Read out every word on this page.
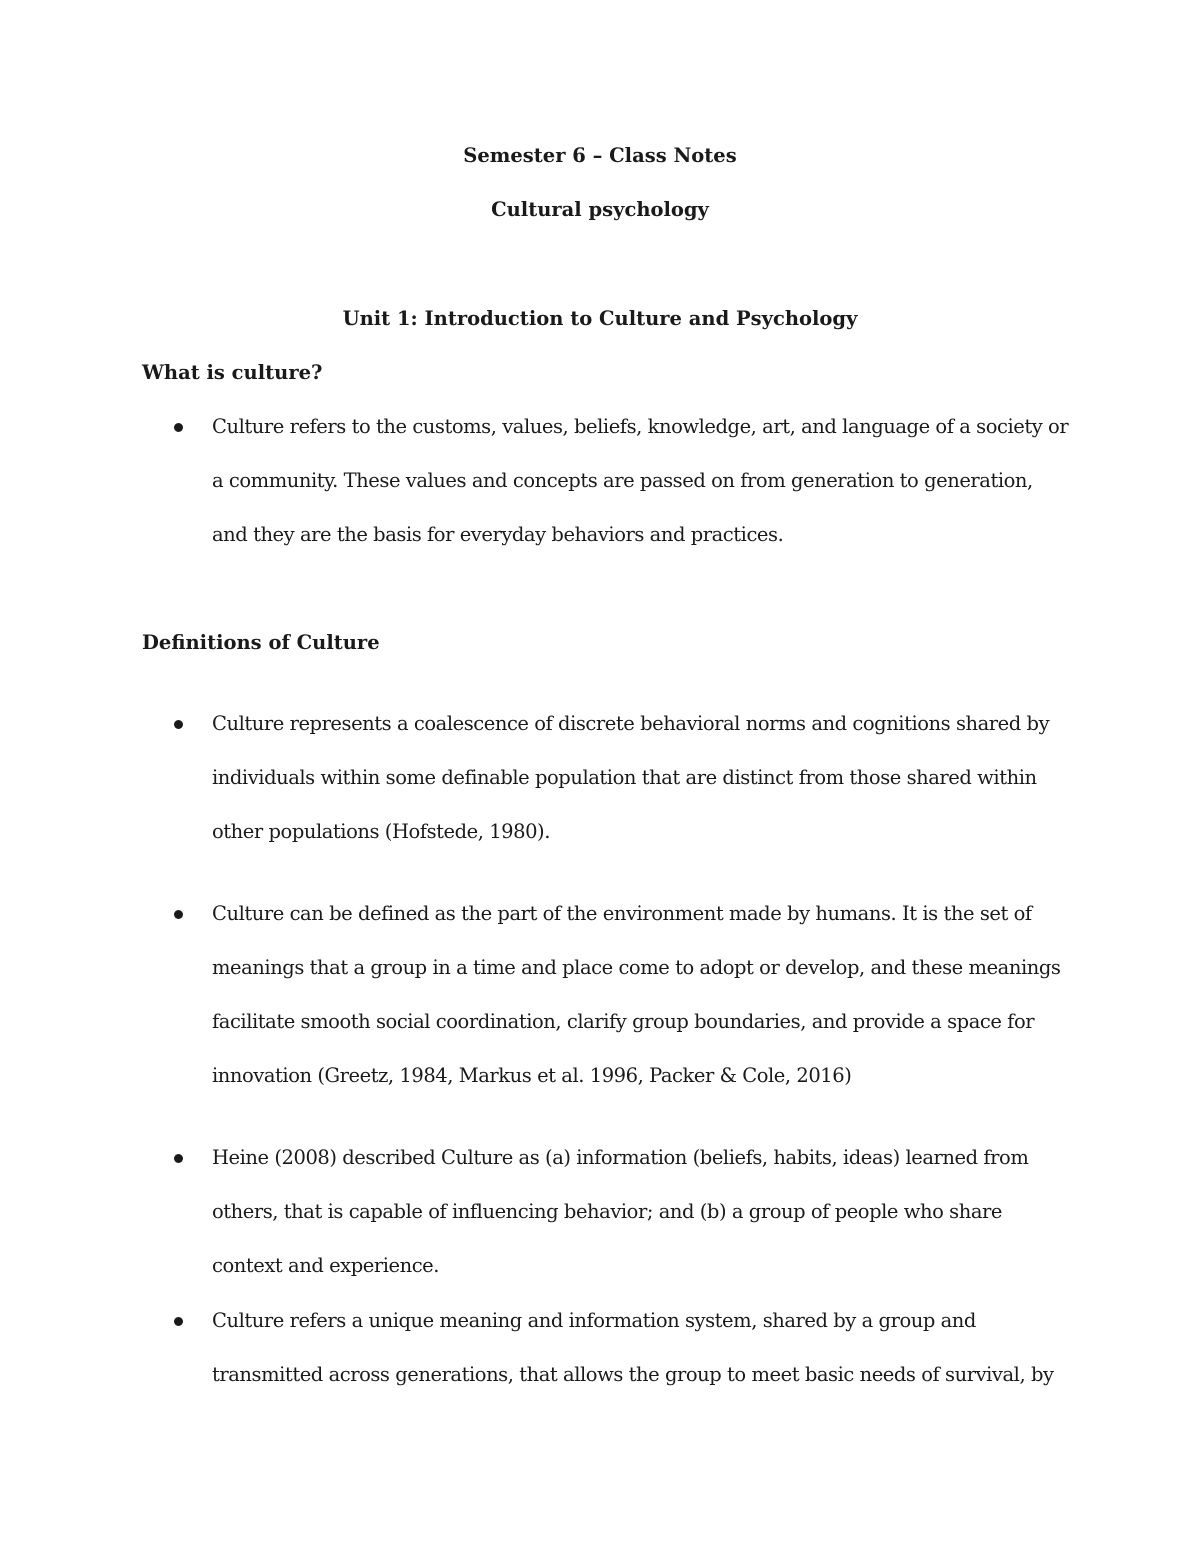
Semester 6 – Class Notes
Cultural psychology
Unit 1: Introduction to Culture and Psychology
What is culture?
Culture refers to the customs, values, beliefs, knowledge, art, and language of a society or
a community. These values and concepts are passed on from generation to generation,
and they are the basis for everyday behaviors and practices.
Definitions of Culture
Culture represents a coalescence of discrete behavioral norms and cognitions shared by
individuals within some definable population that are distinct from those shared within
other populations (Hofstede, 1980).
Culture can be defined as the part of the environment made by humans. It is the set of
meanings that a group in a time and place come to adopt or develop, and these meanings
facilitate smooth social coordination, clarify group boundaries, and provide a space for
innovation (Greetz, 1984, Markus et al. 1996, Packer & Cole, 2016)
Heine (2008) described Culture as (a) information (beliefs, habits, ideas) learned from
others, that is capable of influencing behavior; and (b) a group of people who share
context and experience.
Culture refers a unique meaning and information system, shared by a group and
transmitted across generations, that allows the group to meet basic needs of survival, by
